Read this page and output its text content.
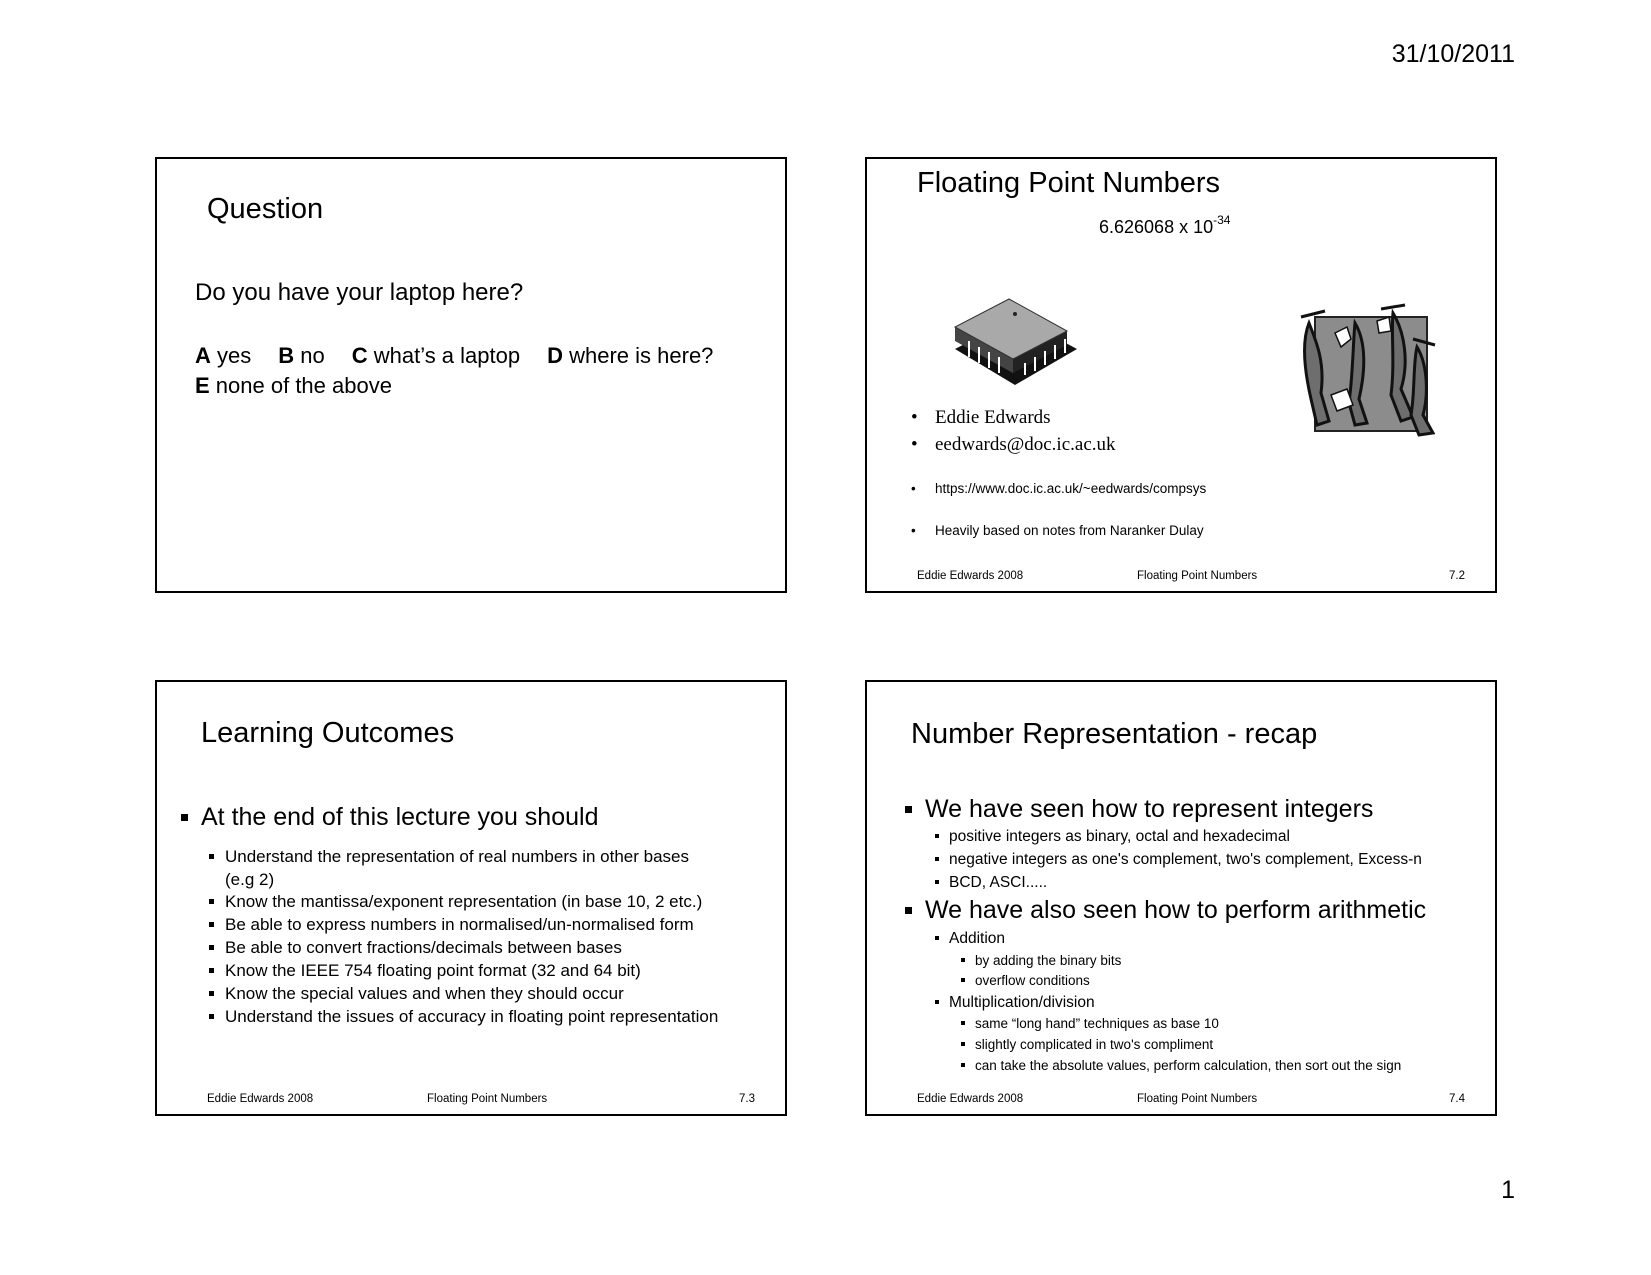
31/10/2011
Question
Do you have your laptop here?
A yes B no C what’s a laptop D where is here?
E none of the above
Floating Point Numbers
6.626068 x $10^{-34}$
• Eddie Edwards
• eedwards@doc.ic.ac.uk
• https://www.doc.ic.ac.uk/~eedwards/compsys
• Heavily based on notes from Naranker Dulay
Eddie Edwards 2008	Floating Point Numbers	7.2
Learning Outcomes
At the end of this lecture you should
Understand the representation of real numbers in other bases
(e.g 2)
Know the mantissa/exponent representation (in base 10, 2 etc.)
Be able to express numbers in normalised/un-normalised form
Be able to convert fractions/decimals between bases
Know the IEEE 754 floating point format (32 and 64 bit)
Know the special values and when they should occur
Understand the issues of accuracy in floating point representation
Eddie Edwards 2008	Floating Point Numbers	7.3
Number Representation - recap
We have seen how to represent integers
positive integers as binary, octal and hexadecimal
negative integers as one's complement, two's complement, Excess-n
BCD, ASCI.....
We have also seen how to perform arithmetic
Addition
by adding the binary bits
overflow conditions
Multiplication/division
same “long hand” techniques as base 10
slightly complicated in two's compliment
can take the absolute values, perform calculation, then sort out the sign
Eddie Edwards 2008	Floating Point Numbers	7.4
1
